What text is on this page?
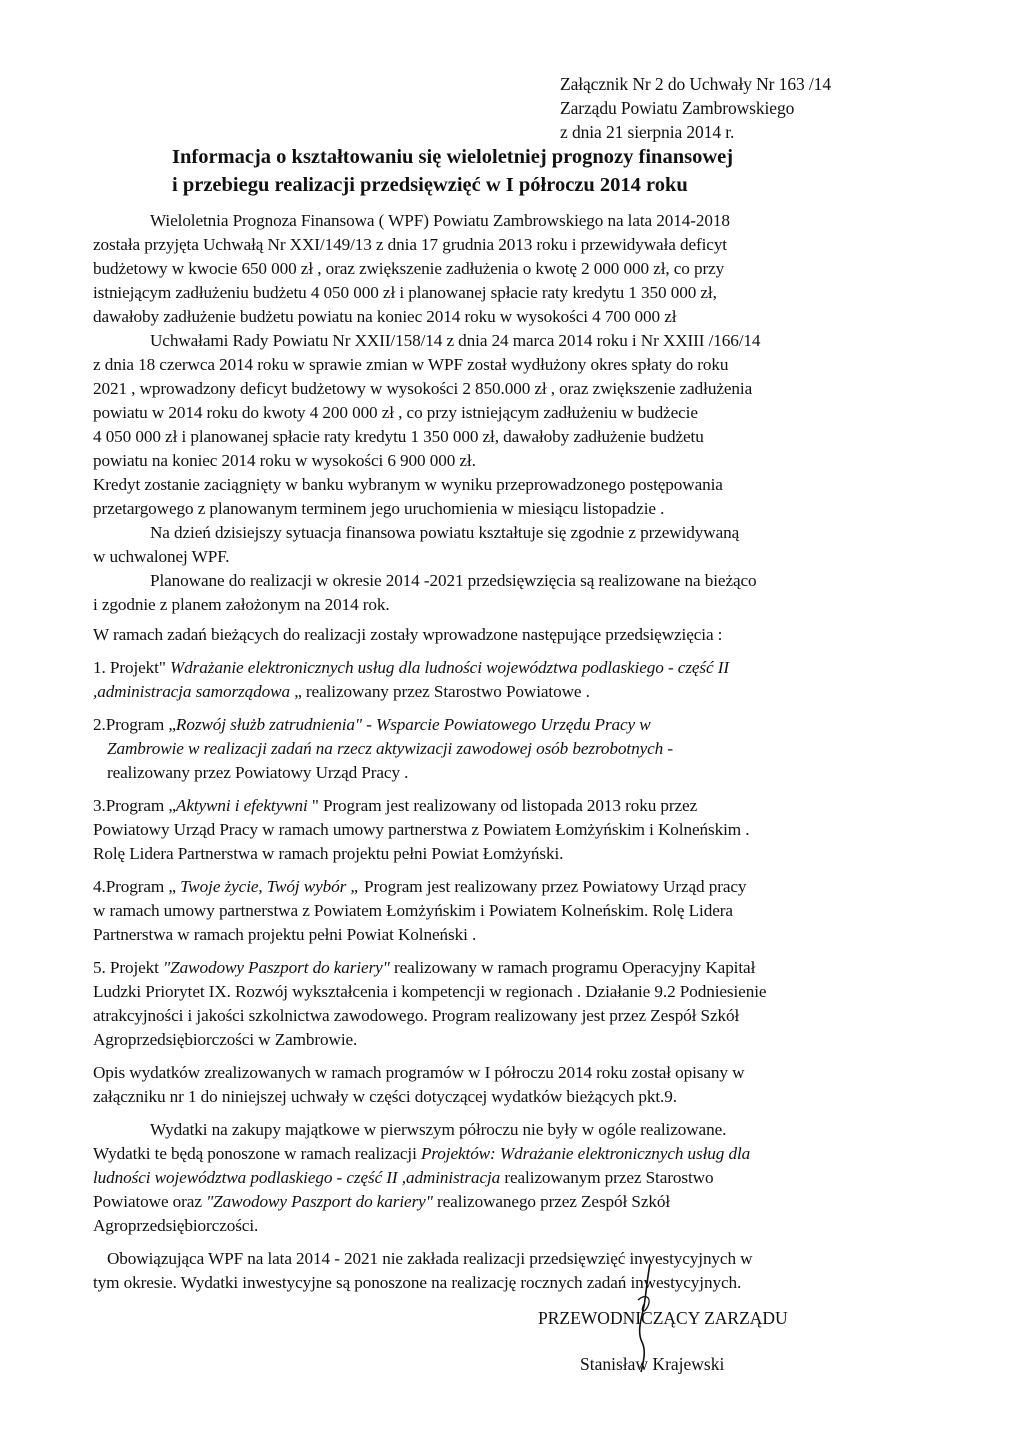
Załącznik Nr 2 do Uchwały Nr 163 /14
Zarządu Powiatu Zambrowskiego
z dnia 21 sierpnia 2014 r.
Informacja o kształtowaniu się wieloletniej prognozy finansowej
i przebiegu realizacji przedsięwzięć w I półroczu 2014 roku
Wieloletnia Prognoza Finansowa ( WPF) Powiatu Zambrowskiego na lata 2014-2018
została przyjęta Uchwałą Nr XXI/149/13 z dnia 17 grudnia 2013 roku i przewidywała deficyt
budżetowy w kwocie 650 000 zł , oraz zwiększenie zadłużenia o kwotę 2 000 000 zł, co przy
istniejącym zadłużeniu budżetu 4 050 000 zł i planowanej spłacie raty kredytu 1 350 000 zł,
dawałoby zadłużenie budżetu powiatu na koniec 2014 roku w wysokości 4 700 000 zł
Uchwałami Rady Powiatu Nr XXII/158/14 z dnia 24 marca 2014 roku i Nr XXIII /166/14
z dnia 18 czerwca 2014 roku w sprawie zmian w WPF został wydłużony okres spłaty do roku
2021 , wprowadzony deficyt budżetowy w wysokości 2 850.000 zł , oraz zwiększenie zadłużenia
powiatu w 2014 roku do kwoty 4 200 000 zł , co przy istniejącym zadłużeniu w budżecie
4 050 000 zł i planowanej spłacie raty kredytu 1 350 000 zł, dawałoby zadłużenie budżetu
powiatu na koniec 2014 roku w wysokości 6 900 000 zł.
Kredyt zostanie zaciągnięty w banku wybranym w wyniku przeprowadzonego postępowania
przetargowego z planowanym terminem jego uruchomienia w miesiącu listopadzie .
Na dzień dzisiejszy sytuacja finansowa powiatu kształtuje się zgodnie z przewidywaną
w uchwalonej WPF.
Planowane do realizacji w okresie 2014 -2021 przedsięwzięcia są realizowane na bieżąco
i zgodnie z planem założonym na 2014 rok.
W ramach zadań bieżących do realizacji zostały wprowadzone następujące przedsięwzięcia :
1. Projekt" Wdrażanie elektronicznych usług dla ludności województwa podlaskiego - część II
,administracja samorządowa „ realizowany przez Starostwo Powiatowe .
2.Program „Rozwój służb zatrudnienia" - Wsparcie Powiatowego Urzędu Pracy w
Zambrowie w realizacji zadań na rzecz aktywizacji zawodowej osób bezrobotnych -
realizowany przez Powiatowy Urząd Pracy .
3.Program „Aktywni i efektywni " Program jest realizowany od listopada 2013 roku przez
Powiatowy Urząd Pracy w ramach umowy partnerstwa z Powiatem Łomżyńskim i Kolneńskim .
Rolę Lidera Partnerstwa w ramach projektu pełni Powiat Łomżyński.
4.Program „ Twoje życie, Twój wybór „ Program jest realizowany przez Powiatowy Urząd pracy
w ramach umowy partnerstwa z Powiatem Łomżyńskim i Powiatem Kolneńskim. Rolę Lidera
Partnerstwa w ramach projektu pełni Powiat Kolneński .
5. Projekt "Zawodowy Paszport do kariery" realizowany w ramach programu Operacyjny Kapitał
Ludzki Priorytet IX. Rozwój wykształcenia i kompetencji w regionach . Działanie 9.2 Podniesienie
atrakcyjności i jakości szkolnictwa zawodowego. Program realizowany jest przez Zespół Szkół
Agroprzedsiębiorczości w Zambrowie.
Opis wydatków zrealizowanych w ramach programów w I półroczu 2014 roku został opisany w
załączniku nr 1 do niniejszej uchwały w części dotyczącej wydatków bieżących pkt.9.
Wydatki na zakupy majątkowe w pierwszym półroczu nie były w ogóle realizowane.
Wydatki te będą ponoszone w ramach realizacji Projektów: Wdrażanie elektronicznych usług dla
ludności województwa podlaskiego - część II ,administracja realizowanym przez Starostwo
Powiatowe oraz "Zawodowy Paszport do kariery" realizowanego przez Zespół Szkół
Agroprzedsiębiorczości.
Obowiązująca WPF na lata 2014 - 2021 nie zakłada realizacji przedsięwzięć inwestycyjnych w
tym okresie. Wydatki inwestycyjne są ponoszone na realizację rocznych zadań inwestycyjnych.
PRZEWODNICZĄCY ZARZĄDU
Stanisław Krajewski
